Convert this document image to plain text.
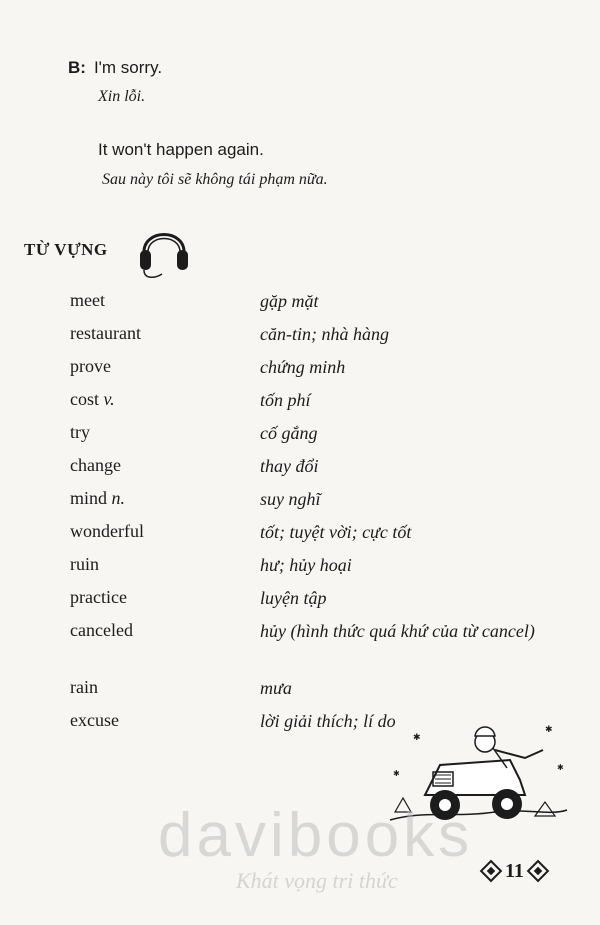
B: I'm sorry.

Xin lỗi.

It won't happen again.

Sau này tôi sẽ không tái phạm nữa.

TỪ VỰNG
meet	gặp mặt
restaurant	căn-tin; nhà hàng
prove	chứng minh
cost v.	tốn phí
try	cố gắng
change	thay đổi
mind n.	suy nghĩ
wonderful	tốt; tuyệt vời; cực tốt
ruin	hư; hủy hoại
practice	luyện tập
canceled	hủy (hình thức quá khứ của từ cancel)
rain	mưa
excuse	lời giải thích; lí do
✱
✱
✱
✱
davibooks
Khát vọng tri thức	11
